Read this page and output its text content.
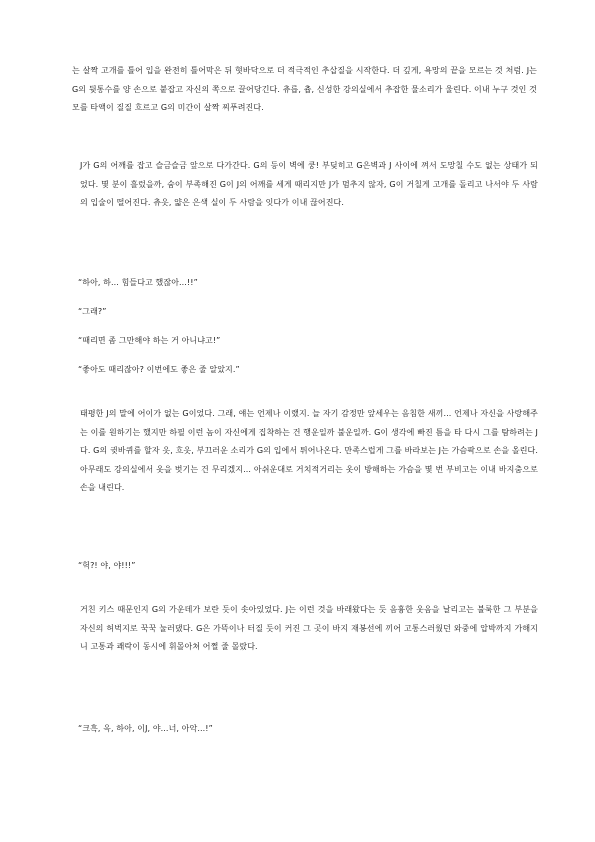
는 살짝 고개를 틀어 입을 완전히 틀어막은 뒤 혓바닥으로 더 적극적인 추삽질을 시작한다. 더 깊게, 욕망의 끝을 모르는 것 처럼. J는 G의 뒷통수를 양 손으로 붙잡고 자신의 쪽으로 끌어당긴다. 츄릅, 츕, 신성한 강의실에서 추잡한 물소리가 울린다. 이내 누구 것인 것 모를 타액이 질질 흐르고 G의 미간이 살짝 찌푸려진다.

J가 G의 어깨를 잡고 슬금슬금 앞으로 다가간다. G의 등이 벽에 쿵! 부딪히고 G은벽과 J 사이에 껴서 도망칠 수도 없는 상태가 되었다. 몇 분이 흘렀을까, 숨이 부족해진 G이 J의 어깨를 세게 때리지만 J가 멈추지 않자, G이 거칠게 고개를 돌리고 나서야 두 사람의 입술이 떨어진다. 츄읏, 얇은 은색 실이 두 사람을 잇다가 이내 끊어진다.

“하아, 하... 힘들다고 했잖아...!!”

“그래?”

“때리면 좀 그만해야 하는 거 아니냐고!”

“좋아도 때리잖아? 이번에도 좋은 줄 알았지.”

태평한 J의 말에 어이가 없는 G이었다. 그래, 얘는 언제나 이랬지. 늘 자기 감정만 앞세우는 음침한 새끼... 언제나 자신을 사랑해주는 이를 원하기는 했지만 하필 이런 놈이 자신에게 집착하는 건 행운일까 불운일까. G이 생각에 빠진 틈을 타 다시 그를 탐하려는 J다. G의 귓바퀴를 할자 읏, 흐읏, 부끄러운 소리가 G의 입에서 튀어나온다. 만족스럽게 그를 바라보는 J는 가슴팍으로 손을 올린다. 아무래도 강의실에서 옷을 벗기는 건 무리겠지... 아쉬운대로 거치적거리는 옷이 방해하는 가슴을 몇 번 부비고는 이내 바지춤으로 손을 내린다.

“헉?! 야, 야!!!”

거친 키스 때문인지 G의 가운데가 보란 듯이 솟아있었다. J는 이런 것을 바래왔다는 듯 음흉한 웃음을 날리고는 불룩한 그 부분을 자신의 허벅지로 꾹꾹 눌러댔다. G은 가뜩이나 터질 듯이 커진 그 곳이 바지 재봉선에 끼어 고통스러웠던 와중에 압박까지 가해지니 고통과 쾌락이 동시에 휘몰아쳐 어쩔 줄 몰랐다.

“크흑, 윽, 하아, 이J, 야...너, 아악...!”
